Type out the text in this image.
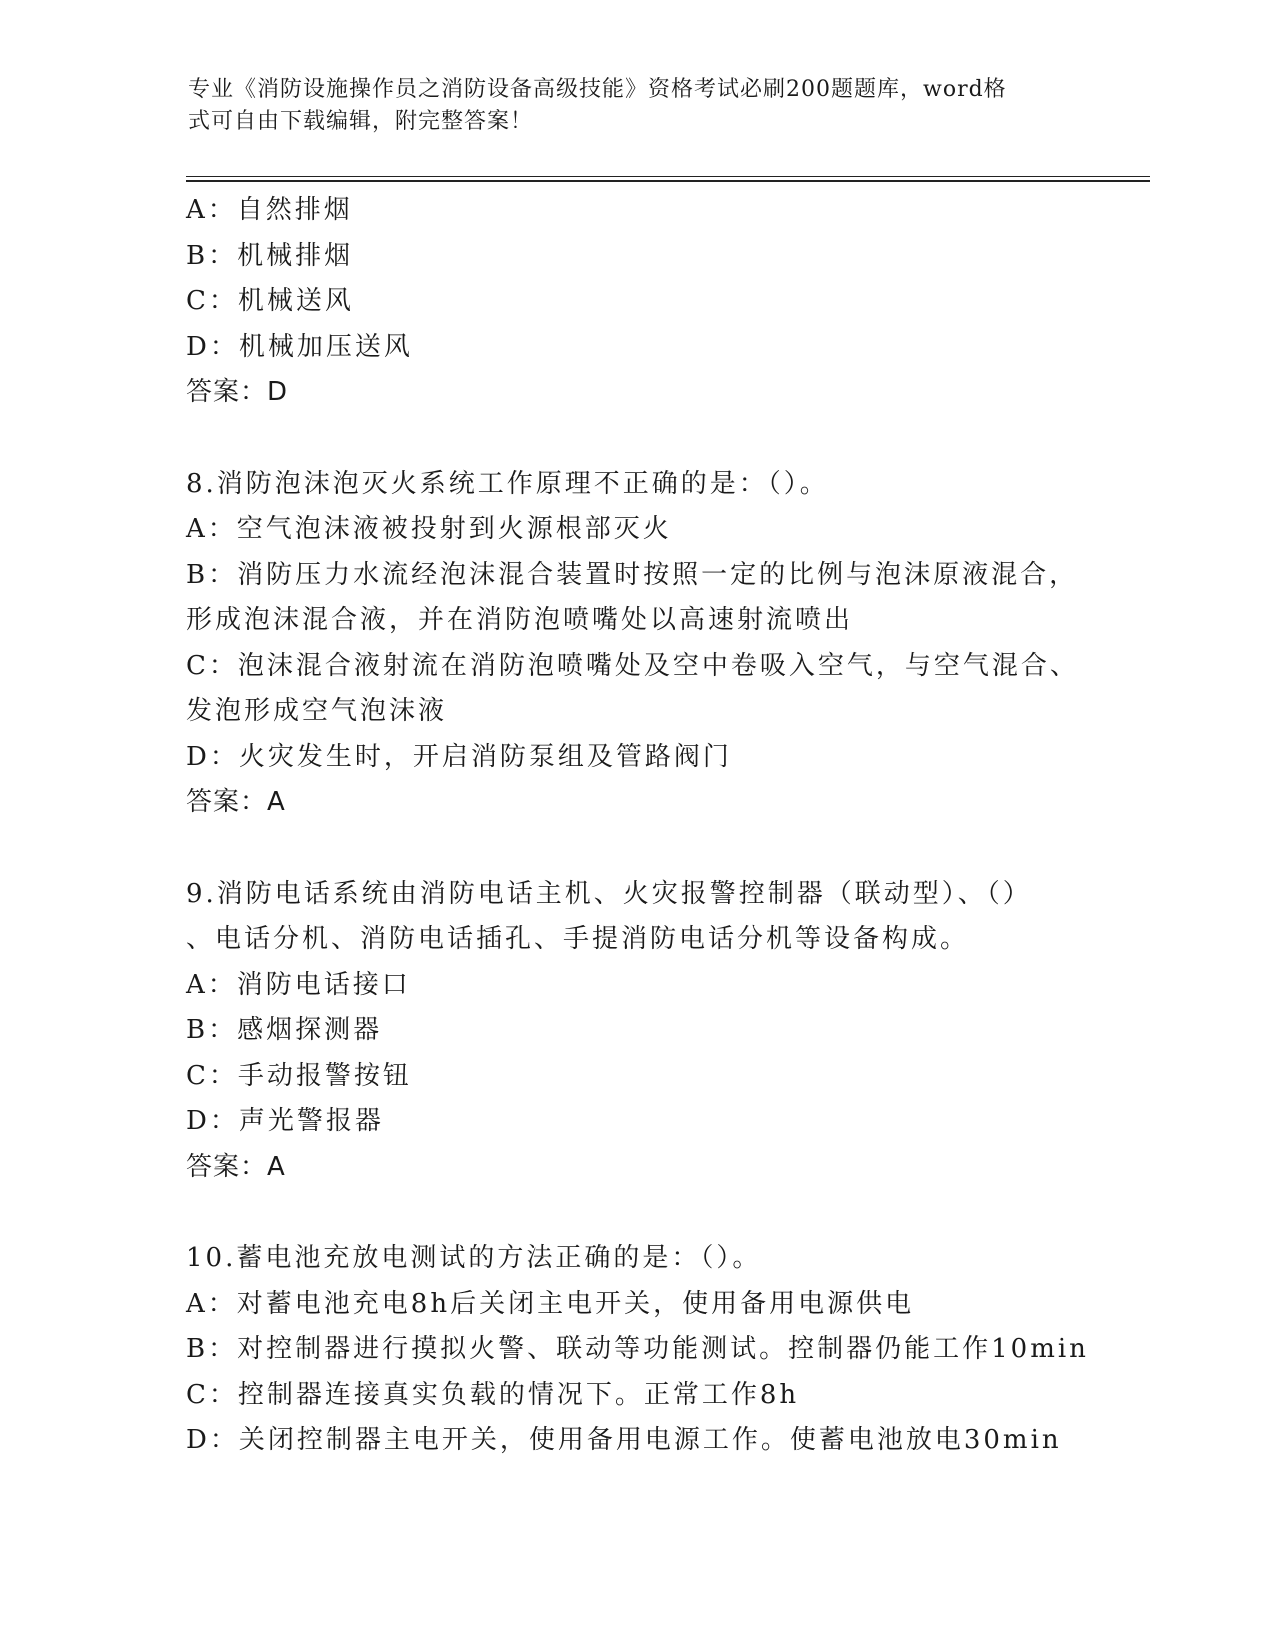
专业《消防设施操作员之消防设备高级技能》资格考试必刷200题题库，word格
式可自由下载编辑，附完整答案！
A：自然排烟
B：机械排烟
C：机械送风
D：机械加压送风
答案：D
8.消防泡沫泡灭火系统工作原理不正确的是：（）。
A：空气泡沫液被投射到火源根部灭火
B：消防压力水流经泡沫混合装置时按照一定的比例与泡沫原液混合，
形成泡沫混合液，并在消防泡喷嘴处以高速射流喷出
C：泡沫混合液射流在消防泡喷嘴处及空中卷吸入空气，与空气混合、
发泡形成空气泡沫液
D：火灾发生时，开启消防泵组及管路阀门
答案：A
9.消防电话系统由消防电话主机、火灾报警控制器（联动型）、（）
、电话分机、消防电话插孔、手提消防电话分机等设备构成。
A：消防电话接口
B：感烟探测器
C：手动报警按钮
D：声光警报器
答案：A
10.蓄电池充放电测试的方法正确的是：（）。
A：对蓄电池充电8h后关闭主电开关，使用备用电源供电
B：对控制器进行摸拟火警、联动等功能测试。控制器仍能工作10min
C：控制器连接真实负载的情况下。正常工作8h
D：关闭控制器主电开关，使用备用电源工作。使蓄电池放电30min
